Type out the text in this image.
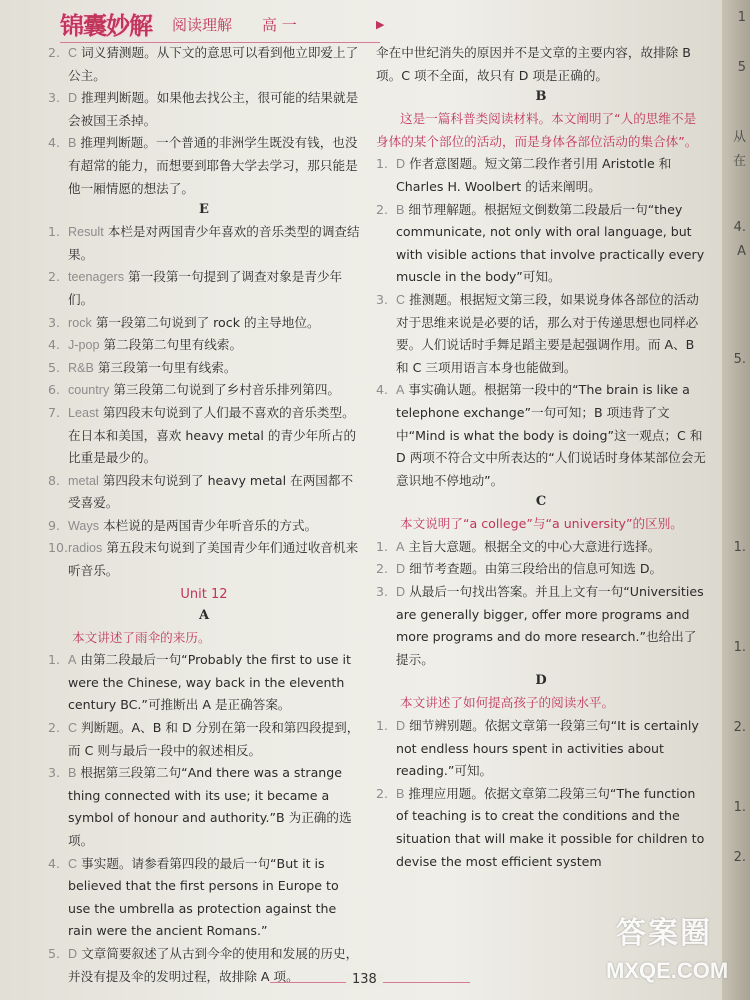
1
5
从
在
4.
A
5.
1.
1.
2.
1.
2.
锦囊妙解 阅读理解 高 一	▶

2. C 词义猜测题。从下文的意思可以看到他立即爱上了公主。

3. D 推理判断题。如果他去找公主，很可能的结果就是会被国王杀掉。

4. B 推理判断题。一个普通的非洲学生既没有钱，也没有超常的能力，而想要到耶鲁大学去学习，那只能是他一厢情愿的想法了。

E

1. Result 本栏是对两国青少年喜欢的音乐类型的调查结果。

2. teenagers 第一段第一句提到了调查对象是青少年们。

3. rock 第一段第二句说到了 rock 的主导地位。

4. J-pop 第二段第二句里有线索。

5. R&B 第三段第一句里有线索。

6. country 第三段第二句说到了乡村音乐排列第四。

7. Least 第四段末句说到了人们最不喜欢的音乐类型。在日本和美国，喜欢 heavy metal 的青少年所占的比重是最少的。

8. metal 第四段末句说到了 heavy metal 在两国都不受喜爱。

9. Ways 本栏说的是两国青少年听音乐的方式。

10.radios 第五段末句说到了美国青少年们通过收音机来听音乐。

Unit 12
A

本文讲述了雨伞的来历。

1. A 由第二段最后一句“Probably the first to use it were the Chinese, way back in the eleventh century BC.”可推断出 A 是正确答案。

2. C 判断题。A、B 和 D 分别在第一段和第四段提到，而 C 则与最后一段中的叙述相反。

3. B 根据第三段第二句“And there was a strange thing connected with its use; it became a symbol of honour and authority.”B 为正确的选项。

4. C 事实题。请参看第四段的最后一句“But it is believed that the first persons in Europe to use the umbrella as protection against the rain were the ancient Romans.”

5. D 文章简要叙述了从古到今伞的使用和发展的历史，并没有提及伞的发明过程，故排除 A 项。

伞在中世纪消失的原因并不是文章的主要内容，故排除 B 项。C 项不全面，故只有 D 项是正确的。

B

这是一篇科普类阅读材料。本文阐明了“人的思维不是身体的某个部位的活动，而是身体各部位活动的集合体”。

1. D 作者意图题。短文第二段作者引用 Aristotle 和 Charles H. Woolbert 的话来阐明。

2. B 细节理解题。根据短文倒数第二段最后一句“they communicate, not only with oral language, but with visible actions that involve practically every muscle in the body”可知。

3. C 推测题。根据短文第三段，如果说身体各部位的活动对于思维来说是必要的话，那么对于传递思想也同样必要。人们说话时手舞足蹈主要是起强调作用。而 A、B 和 C 三项用语言本身也能做到。

4. A 事实确认题。根据第一段中的“The brain is like a telephone exchange”一句可知；B 项违背了文中“Mind is what the body is doing”这一观点；C 和 D 两项不符合文中所表达的“人们说话时身体某部位会无意识地不停地动”。

C

本文说明了“a college”与“a university”的区别。

1. A 主旨大意题。根据全文的中心大意进行选择。

2. D 细节考查题。由第三段给出的信息可知选 D。

3. D 从最后一句找出答案。并且上文有一句“Universities are generally bigger, offer more programs and more programs and do more research.”也给出了提示。

D

本文讲述了如何提高孩子的阅读水平。

1. D 细节辨别题。依据文章第一段第三句“It is certainly not endless hours spent in activities about reading.”可知。

2. B 推理应用题。依据文章第二段第三句“The function of teaching is to creat the conditions and the situation that will make it possible for children to devise the most efficient system

138
答案圈
MXQE.COM
